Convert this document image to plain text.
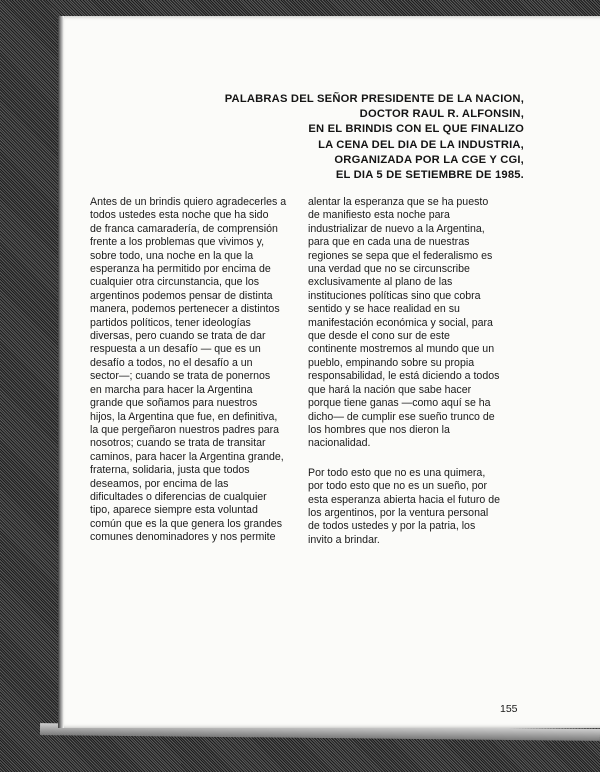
PALABRAS DEL SEÑOR PRESIDENTE DE LA NACION,
DOCTOR RAUL R. ALFONSIN,
EN EL BRINDIS CON EL QUE FINALIZO
LA CENA DEL DIA DE LA INDUSTRIA,
ORGANIZADA POR LA CGE Y CGI,
EL DIA 5 DE SETIEMBRE DE 1985.
Antes de un brindis quiero agradecerles a
todos ustedes esta noche que ha sido
de franca camaradería, de comprensión
frente a los problemas que vivimos y,
sobre todo, una noche en la que la
esperanza ha permitido por encima de
cualquier otra circunstancia, que los
argentinos podemos pensar de distinta
manera, podemos pertenecer a distintos
partidos políticos, tener ideologías
diversas, pero cuando se trata de dar
respuesta a un desafío — que es un
desafío a todos, no el desafío a un
sector—; cuando se trata de ponernos
en marcha para hacer la Argentina
grande que soñamos para nuestros
hijos, la Argentina que fue, en definitiva,
la que pergeñaron nuestros padres para
nosotros; cuando se trata de transitar
caminos, para hacer la Argentina grande,
fraterna, solidaria, justa que todos
deseamos, por encima de las
dificultades o diferencias de cualquier
tipo, aparece siempre esta voluntad
común que es la que genera los grandes
comunes denominadores y nos permite
alentar la esperanza que se ha puesto
de manifiesto esta noche para
industrializar de nuevo a la Argentina,
para que en cada una de nuestras
regiones se sepa que el federalismo es
una verdad que no se circunscribe
exclusivamente al plano de las
instituciones políticas sino que cobra
sentido y se hace realidad en su
manifestación económica y social, para
que desde el cono sur de este
continente mostremos al mundo que un
pueblo, empinando sobre su propia
responsabilidad, le está diciendo a todos
que hará la nación que sabe hacer
porque tiene ganas —como aquí se ha
dicho— de cumplir ese sueño trunco de
los hombres que nos dieron la
nacionalidad.
Por todo esto que no es una quimera,
por todo esto que no es un sueño, por
esta esperanza abierta hacia el futuro de
los argentinos, por la ventura personal
de todos ustedes y por la patria, los
invito a brindar.
155
